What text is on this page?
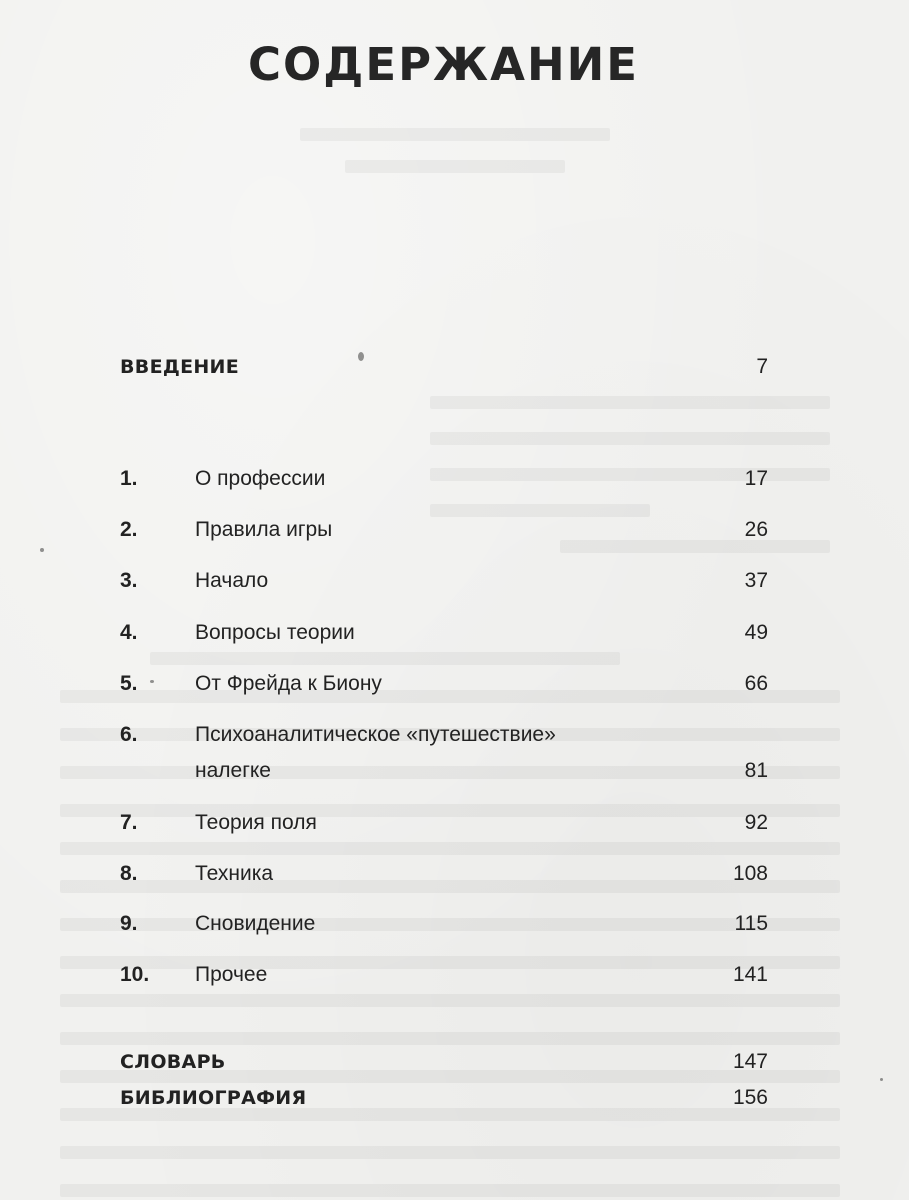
СОДЕРЖАНИЕ
ВВЕДЕНИЕ	7
1.	О профессии	17
2.	Правила игры	26
3.	Начало	37
4.	Вопросы теории	49
5.	От Фрейда к Биону	66
6.	Психоаналитическое «путешествие»
налегке	81
7.	Теория поля	92
8.	Техника	108
9.	Сновидение	115
10. Прочее	141
СЛОВАРЬ	147
БИБЛИОГРАФИЯ	156
